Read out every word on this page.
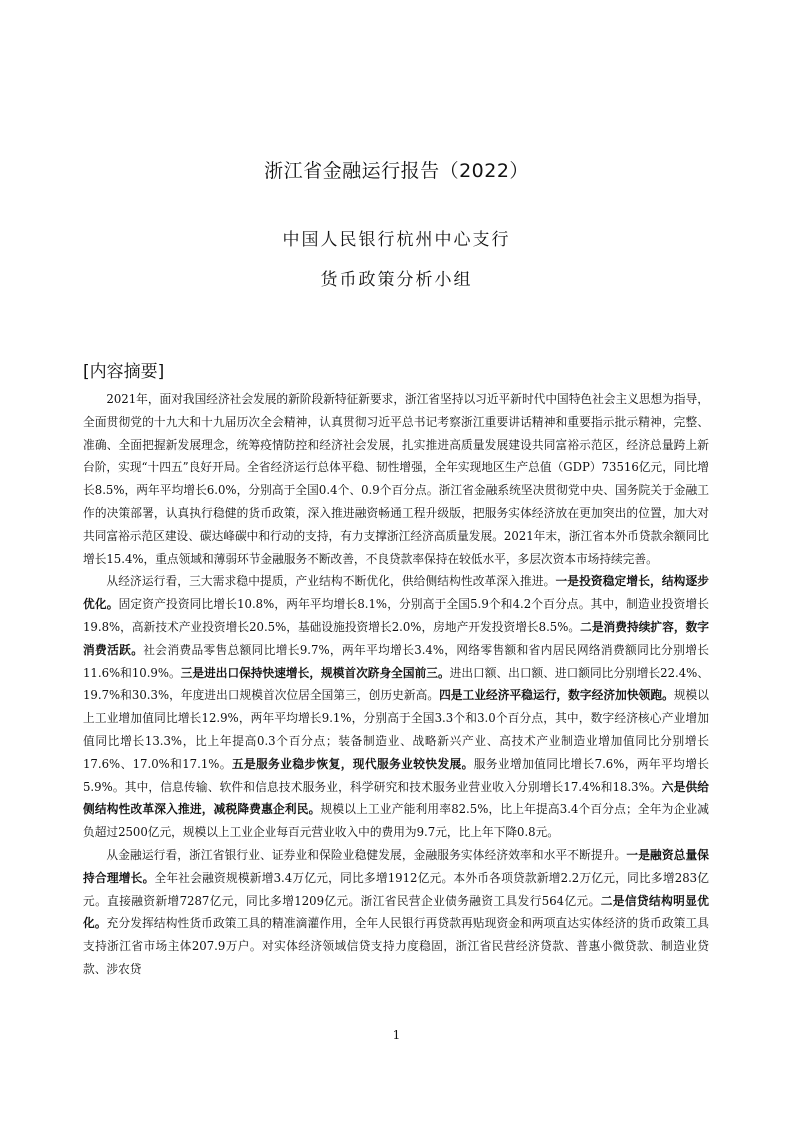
浙江省金融运行报告（2022）
中国人民银行杭州中心支行
货币政策分析小组
[内容摘要]

2021年，面对我国经济社会发展的新阶段新特征新要求，浙江省坚持以习近平新时代中国特色社会主义思想为指导，全面贯彻党的十九大和十九届历次全会精神，认真贯彻习近平总书记考察浙江重要讲话精神和重要指示批示精神，完整、准确、全面把握新发展理念，统筹疫情防控和经济社会发展，扎实推进高质量发展建设共同富裕示范区，经济总量跨上新台阶，实现“十四五”良好开局。全省经济运行总体平稳、韧性增强，全年实现地区生产总值（GDP）73516亿元，同比增长8.5%，两年平均增长6.0%，分别高于全国0.4个、0.9个百分点。浙江省金融系统坚决贯彻党中央、国务院关于金融工作的决策部署，认真执行稳健的货币政策，深入推进融资畅通工程升级版，把服务实体经济放在更加突出的位置，加大对共同富裕示范区建设、碳达峰碳中和行动的支持，有力支撑浙江经济高质量发展。2021年末，浙江省本外币贷款余额同比增长15.4%，重点领域和薄弱环节金融服务不断改善，不良贷款率保持在较低水平，多层次资本市场持续完善。

从经济运行看，三大需求稳中提质，产业结构不断优化，供给侧结构性改革深入推进。一是投资稳定增长，结构逐步优化。固定资产投资同比增长10.8%，两年平均增长8.1%，分别高于全国5.9个和4.2个百分点。其中，制造业投资增长19.8%，高新技术产业投资增长20.5%，基础设施投资增长2.0%，房地产开发投资增长8.5%。二是消费持续扩容，数字消费活跃。社会消费品零售总额同比增长9.7%，两年平均增长3.4%，网络零售额和省内居民网络消费额同比分别增长11.6%和10.9%。三是进出口保持快速增长，规模首次跻身全国前三。进出口额、出口额、进口额同比分别增长22.4%、19.7%和30.3%，年度进出口规模首次位居全国第三，创历史新高。四是工业经济平稳运行，数字经济加快领跑。规模以上工业增加值同比增长12.9%，两年平均增长9.1%，分别高于全国3.3个和3.0个百分点，其中，数字经济核心产业增加值同比增长13.3%，比上年提高0.3个百分点；装备制造业、战略新兴产业、高技术产业制造业增加值同比分别增长17.6%、17.0%和17.1%。五是服务业稳步恢复，现代服务业较快发展。服务业增加值同比增长7.6%，两年平均增长5.9%。其中，信息传输、软件和信息技术服务业，科学研究和技术服务业营业收入分别增长17.4%和18.3%。六是供给侧结构性改革深入推进，减税降费惠企利民。规模以上工业产能利用率82.5%，比上年提高3.4个百分点；全年为企业减负超过2500亿元，规模以上工业企业每百元营业收入中的费用为9.7元，比上年下降0.8元。

从金融运行看，浙江省银行业、证券业和保险业稳健发展，金融服务实体经济效率和水平不断提升。一是融资总量保持合理增长。全年社会融资规模新增3.4万亿元，同比多增1912亿元。本外币各项贷款新增2.2万亿元，同比多增283亿元。直接融资新增7287亿元，同比多增1209亿元。浙江省民营企业债务融资工具发行564亿元。二是信贷结构明显优化。充分发挥结构性货币政策工具的精准滴灌作用，全年人民银行再贷款再贴现资金和两项直达实体经济的货币政策工具支持浙江省市场主体207.9万户。对实体经济领域信贷支持力度稳固，浙江省民营经济贷款、普惠小微贷款、制造业贷款、涉农贷

1
